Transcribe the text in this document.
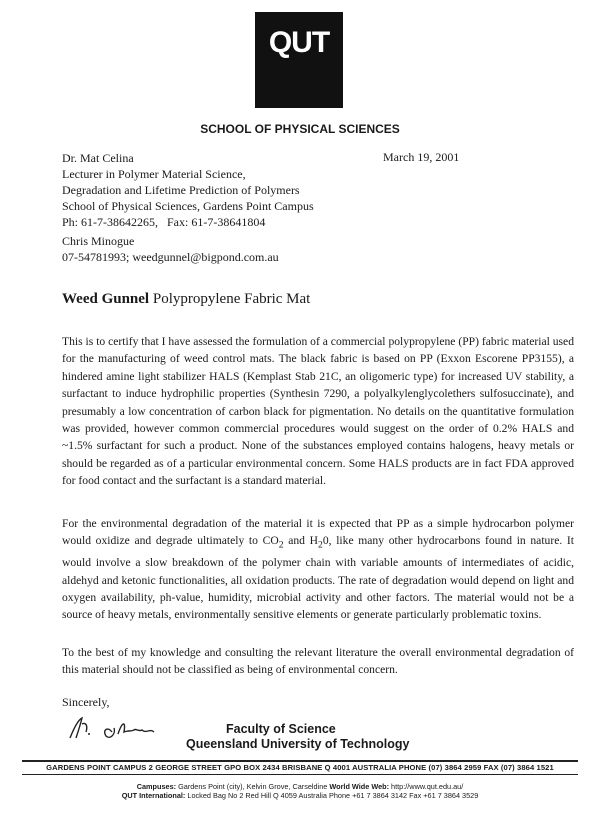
QUT
SCHOOL OF PHYSICAL SCIENCES
Dr. Mat Celina
Lecturer in Polymer Material Science,
Degradation and Lifetime Prediction of Polymers
School of Physical Sciences, Gardens Point Campus
Ph: 61-7-38642265,   Fax: 61-7-38641804
March 19, 2001
Chris Minogue
07-54781993; weedgunnel@bigpond.com.au
Weed Gunnel Polypropylene Fabric Mat

This is to certify that I have assessed the formulation of a commercial polypropylene (PP) fabric material used for the manufacturing of weed control mats. The black fabric is based on PP (Exxon Escorene PP3155), a hindered amine light stabilizer HALS (Kemplast Stab 21C, an oligomeric type) for increased UV stability, a surfactant to induce hydrophilic properties (Synthesin 7290, a polyalkylenglycolethers sulfosuccinate), and presumably a low concentration of carbon black for pigmentation. No details on the quantitative formulation was provided, however common commercial procedures would suggest on the order of 0.2% HALS and ~1.5% surfactant for such a product. None of the substances employed contains halogens, heavy metals or should be regarded as of a particular environmental concern. Some HALS products are in fact FDA approved for food contact and the surfactant is a standard material.

For the environmental degradation of the material it is expected that PP as a simple hydrocarbon polymer would oxidize and degrade ultimately to $CO_2$ and $H_20$, like many other hydrocarbons found in nature. It would involve a slow breakdown of the polymer chain with variable amounts of intermediates of acidic, aldehyd and ketonic functionalities, all oxidation products. The rate of degradation would depend on light and oxygen availability, ph-value, humidity, microbial activity and other factors. The material would not be a source of heavy metals, environmentally sensitive elements or generate particularly problematic toxins.

To the best of my knowledge and consulting the relevant literature the overall environmental degradation of this material should not be classified as being of environmental concern.

Sincerely,
Faculty of Science
Queensland University of Technology
GARDENS POINT CAMPUS 2 GEORGE STREET GPO BOX 2434 BRISBANE Q 4001 AUSTRALIA PHONE (07) 3864 2959 FAX (07) 3864 1521
Campuses: Gardens Point (city), Kelvin Grove, Carseldine World Wide Web: http://www.qut.edu.au/
QUT International: Locked Bag No 2 Red Hill Q 4059 Australia Phone +61 7 3864 3142 Fax +61 7 3864 3529
